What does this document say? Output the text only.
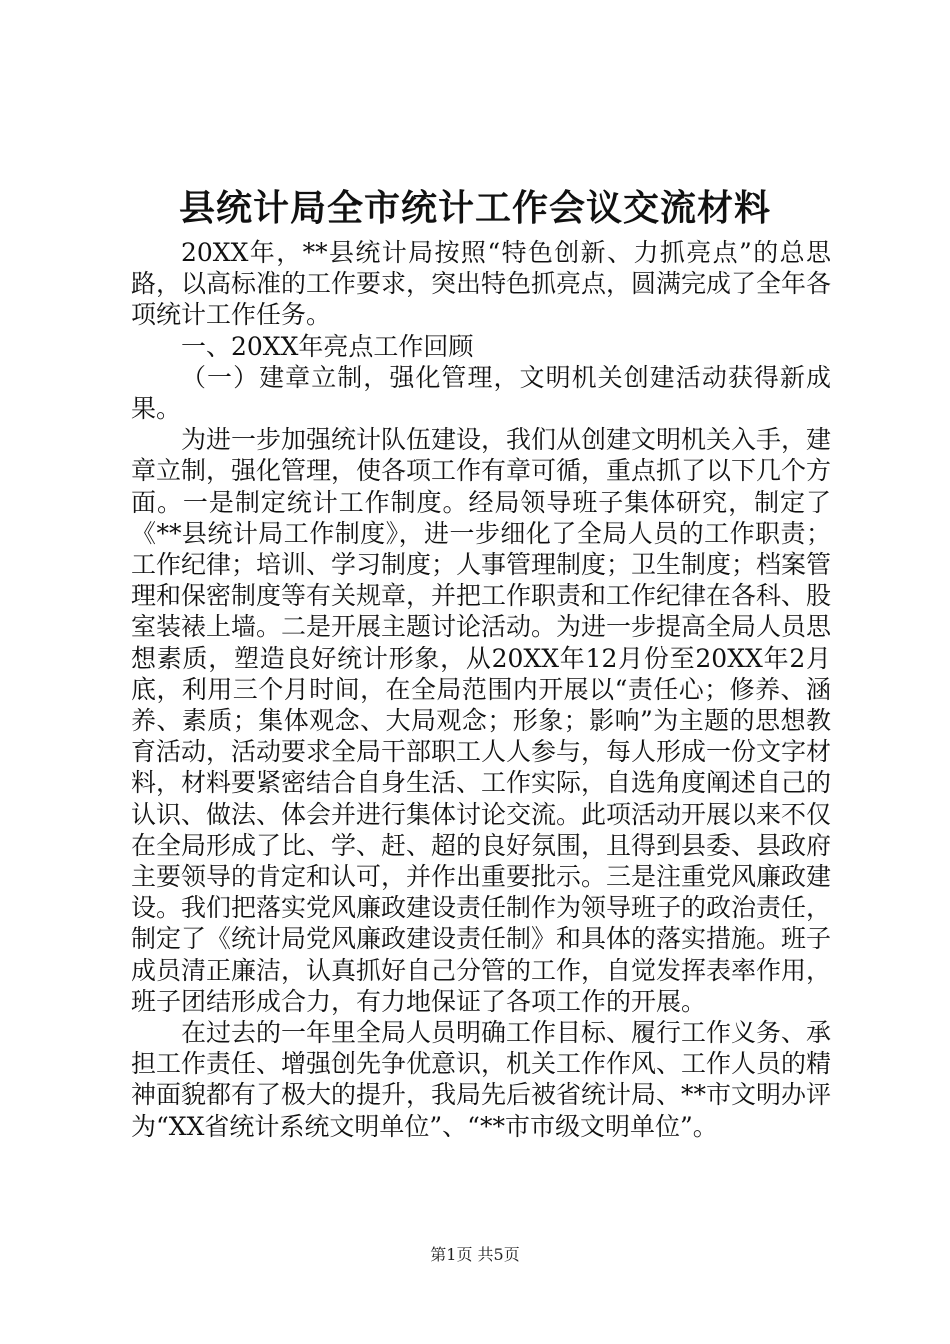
县统计局全市统计工作会议交流材料

20XX年，**县统计局按照“特色创新、力抓亮点”的总思路，以高标准的工作要求，突出特色抓亮点，圆满完成了全年各项统计工作任务。

一、20XX年亮点工作回顾

（一）建章立制，强化管理，文明机关创建活动获得新成果。

为进一步加强统计队伍建设，我们从创建文明机关入手，建章立制，强化管理，使各项工作有章可循，重点抓了以下几个方面。一是制定统计工作制度。经局领导班子集体研究，制定了《**县统计局工作制度》，进一步细化了全局人员的工作职责；工作纪律；培训、学习制度；人事管理制度；卫生制度；档案管理和保密制度等有关规章，并把工作职责和工作纪律在各科、股室装裱上墙。二是开展主题讨论活动。为进一步提高全局人员思想素质，塑造良好统计形象，从20XX年12月份至20XX年2月底，利用三个月时间，在全局范围内开展以“责任心；修养、涵养、素质；集体观念、大局观念；形象；影响”为主题的思想教育活动，活动要求全局干部职工人人参与，每人形成一份文字材料，材料要紧密结合自身生活、工作实际，自选角度阐述自己的认识、做法、体会并进行集体讨论交流。此项活动开展以来不仅在全局形成了比、学、赶、超的良好氛围，且得到县委、县政府主要领导的肯定和认可，并作出重要批示。三是注重党风廉政建设。我们把落实党风廉政建设责任制作为领导班子的政治责任，制定了《统计局党风廉政建设责任制》和具体的落实措施。班子成员清正廉洁，认真抓好自己分管的工作，自觉发挥表率作用，班子团结形成合力，有力地保证了各项工作的开展。

在过去的一年里全局人员明确工作目标、履行工作义务、承担工作责任、增强创先争优意识，机关工作作风、工作人员的精神面貌都有了极大的提升，我局先后被省统计局、**市文明办评为“XX省统计系统文明单位”、“**市市级文明单位”。

第1页 共5页
